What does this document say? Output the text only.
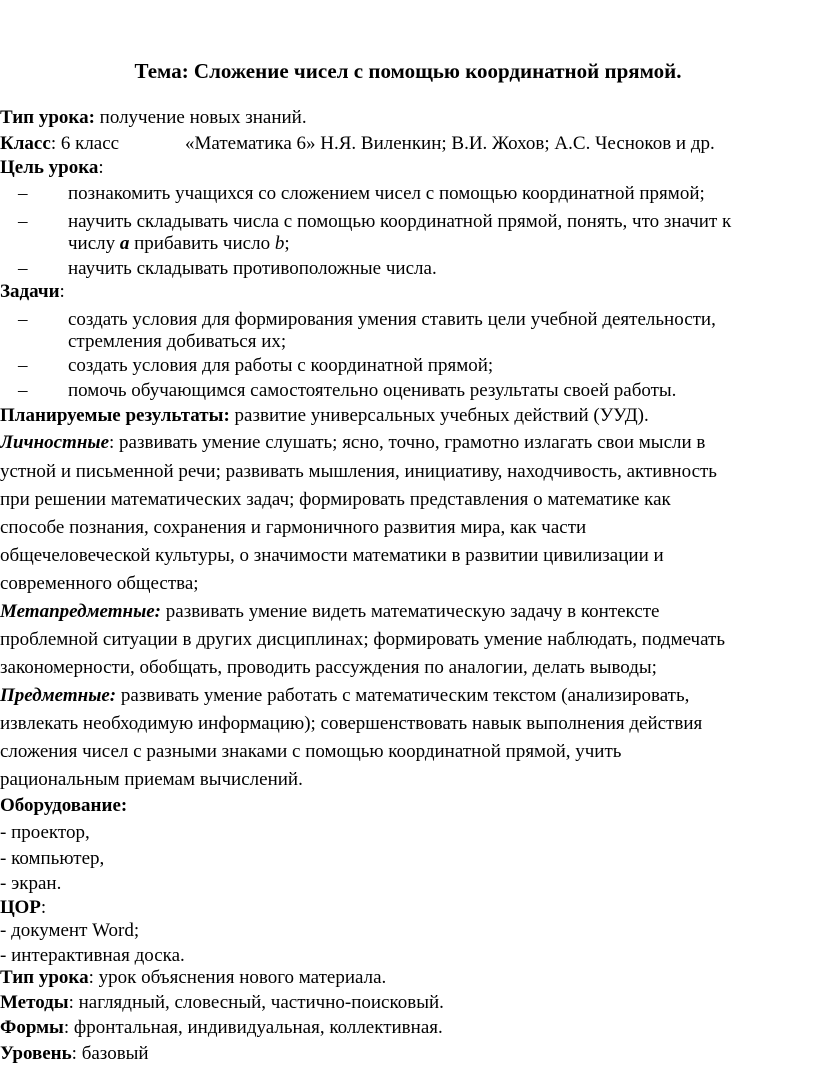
Тема: Сложение чисел с помощью координатной прямой.
Тип урока: получение новых знаний.
Класс: 6 класс	«Математика 6» Н.Я. Виленкин; В.И. Жохов; А.С. Чесноков и др.
Цель урока:
– познакомить учащихся со сложением чисел с помощью координатной прямой;
– научить складывать числа с помощью координатной прямой, понять, что значит к
числу a прибавить число b;
– научить складывать противоположные числа.
Задачи:
– создать условия для формирования умения ставить цели учебной деятельности,
стремления добиваться их;
– создать условия для работы с координатной прямой;
– помочь обучающимся самостоятельно оценивать результаты своей работы.
Планируемые результаты: развитие универсальных учебных действий (УУД).
Личностные: развивать умение слушать; ясно, точно, грамотно излагать свои мысли в
устной и письменной речи; развивать мышления, инициативу, находчивость, активность
при решении математических задач; формировать представления о математике как
способе познания, сохранения и гармоничного развития мира, как части
общечеловеческой культуры, о значимости математики в развитии цивилизации и
современного общества;
Метапредметные: развивать умение видеть математическую задачу в контексте
проблемной ситуации в других дисциплинах; формировать умение наблюдать, подмечать
закономерности, обобщать, проводить рассуждения по аналогии, делать выводы;
Предметные: развивать умение работать с математическим текстом (анализировать,
извлекать необходимую информацию); совершенствовать навык выполнения действия
сложения чисел с разными знаками с помощью координатной прямой, учить
рациональным приемам вычислений.
Оборудование:
- проектор,
- компьютер,
- экран.
ЦОР:
- документ Word;
- интерактивная доска.
Тип урока: урок объяснения нового материала.
Методы: наглядный, словесный, частично-поисковый.
Формы: фронтальная, индивидуальная, коллективная.
Уровень: базовый
